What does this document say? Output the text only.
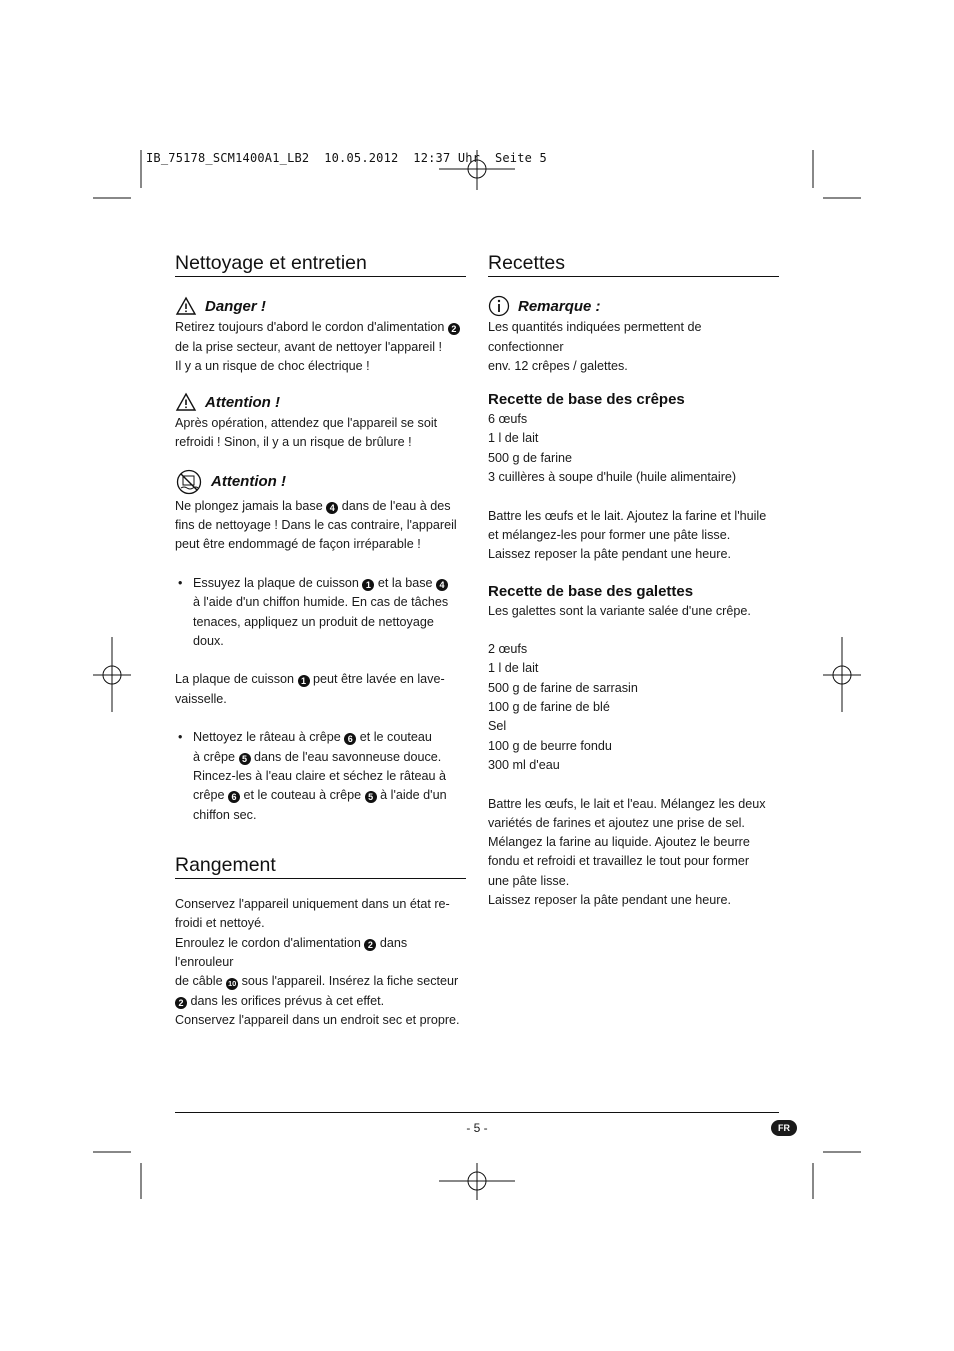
IB_75178_SCM1400A1_LB2  10.05.2012  12:37 Uhr  Seite 5
Nettoyage et entretien
Danger !

Retirez toujours d'abord le cordon d'alimentation 2
de la prise secteur, avant de nettoyer l'appareil !
Il y a un risque de choc électrique !

Attention !

Après opération, attendez que l'appareil se soit
refroidi ! Sinon, il y a un risque de brûlure !

Attention !

Ne plongez jamais la base 4 dans de l'eau à des
fins de nettoyage ! Dans le cas contraire, l'appareil
peut être endommagé de façon irréparable !

• Essuyez la plaque de cuisson 1 et la base 4
à l'aide d'un chiffon humide. En cas de tâches
tenaces, appliquez un produit de nettoyage doux.

La plaque de cuisson 1 peut être lavée en lave-
vaisselle.

• Nettoyez le râteau à crêpe 6 et le couteau
à crêpe 5 dans de l'eau savonneuse douce.
Rincez-les à l'eau claire et séchez le râteau à
crêpe 6 et le couteau à crêpe 5 à l'aide d'un
chiffon sec.

Rangement

Conservez l'appareil uniquement dans un état re-
froidi et nettoyé.
Enroulez le cordon d'alimentation 2 dans l'enrouleur
de câble 10 sous l'appareil. Insérez la fiche secteur
2 dans les orifices prévus à cet effet.
Conservez l'appareil dans un endroit sec et propre.

Recettes
Remarque :

Les quantités indiquées permettent de confectionner
env. 12 crêpes / galettes.

Recette de base des crêpes

6 œufs
1 l de lait
500 g de farine
3 cuillères à soupe d'huile (huile alimentaire)

Battre les œufs et le lait. Ajoutez la farine et l'huile
et mélangez-les pour former une pâte lisse.
Laissez reposer la pâte pendant une heure.

Recette de base des galettes

Les galettes sont la variante salée d'une crêpe.

2 œufs
1 l de lait
500 g de farine de sarrasin
100 g de farine de blé
Sel
100 g de beurre fondu
300 ml d'eau

Battre les œufs, le lait et l'eau. Mélangez les deux
variétés de farines et ajoutez une prise de sel.
Mélangez la farine au liquide. Ajoutez le beurre
fondu et refroidi et travaillez le tout pour former
une pâte lisse.
Laissez reposer la pâte pendant une heure.

- 5 -	FR
